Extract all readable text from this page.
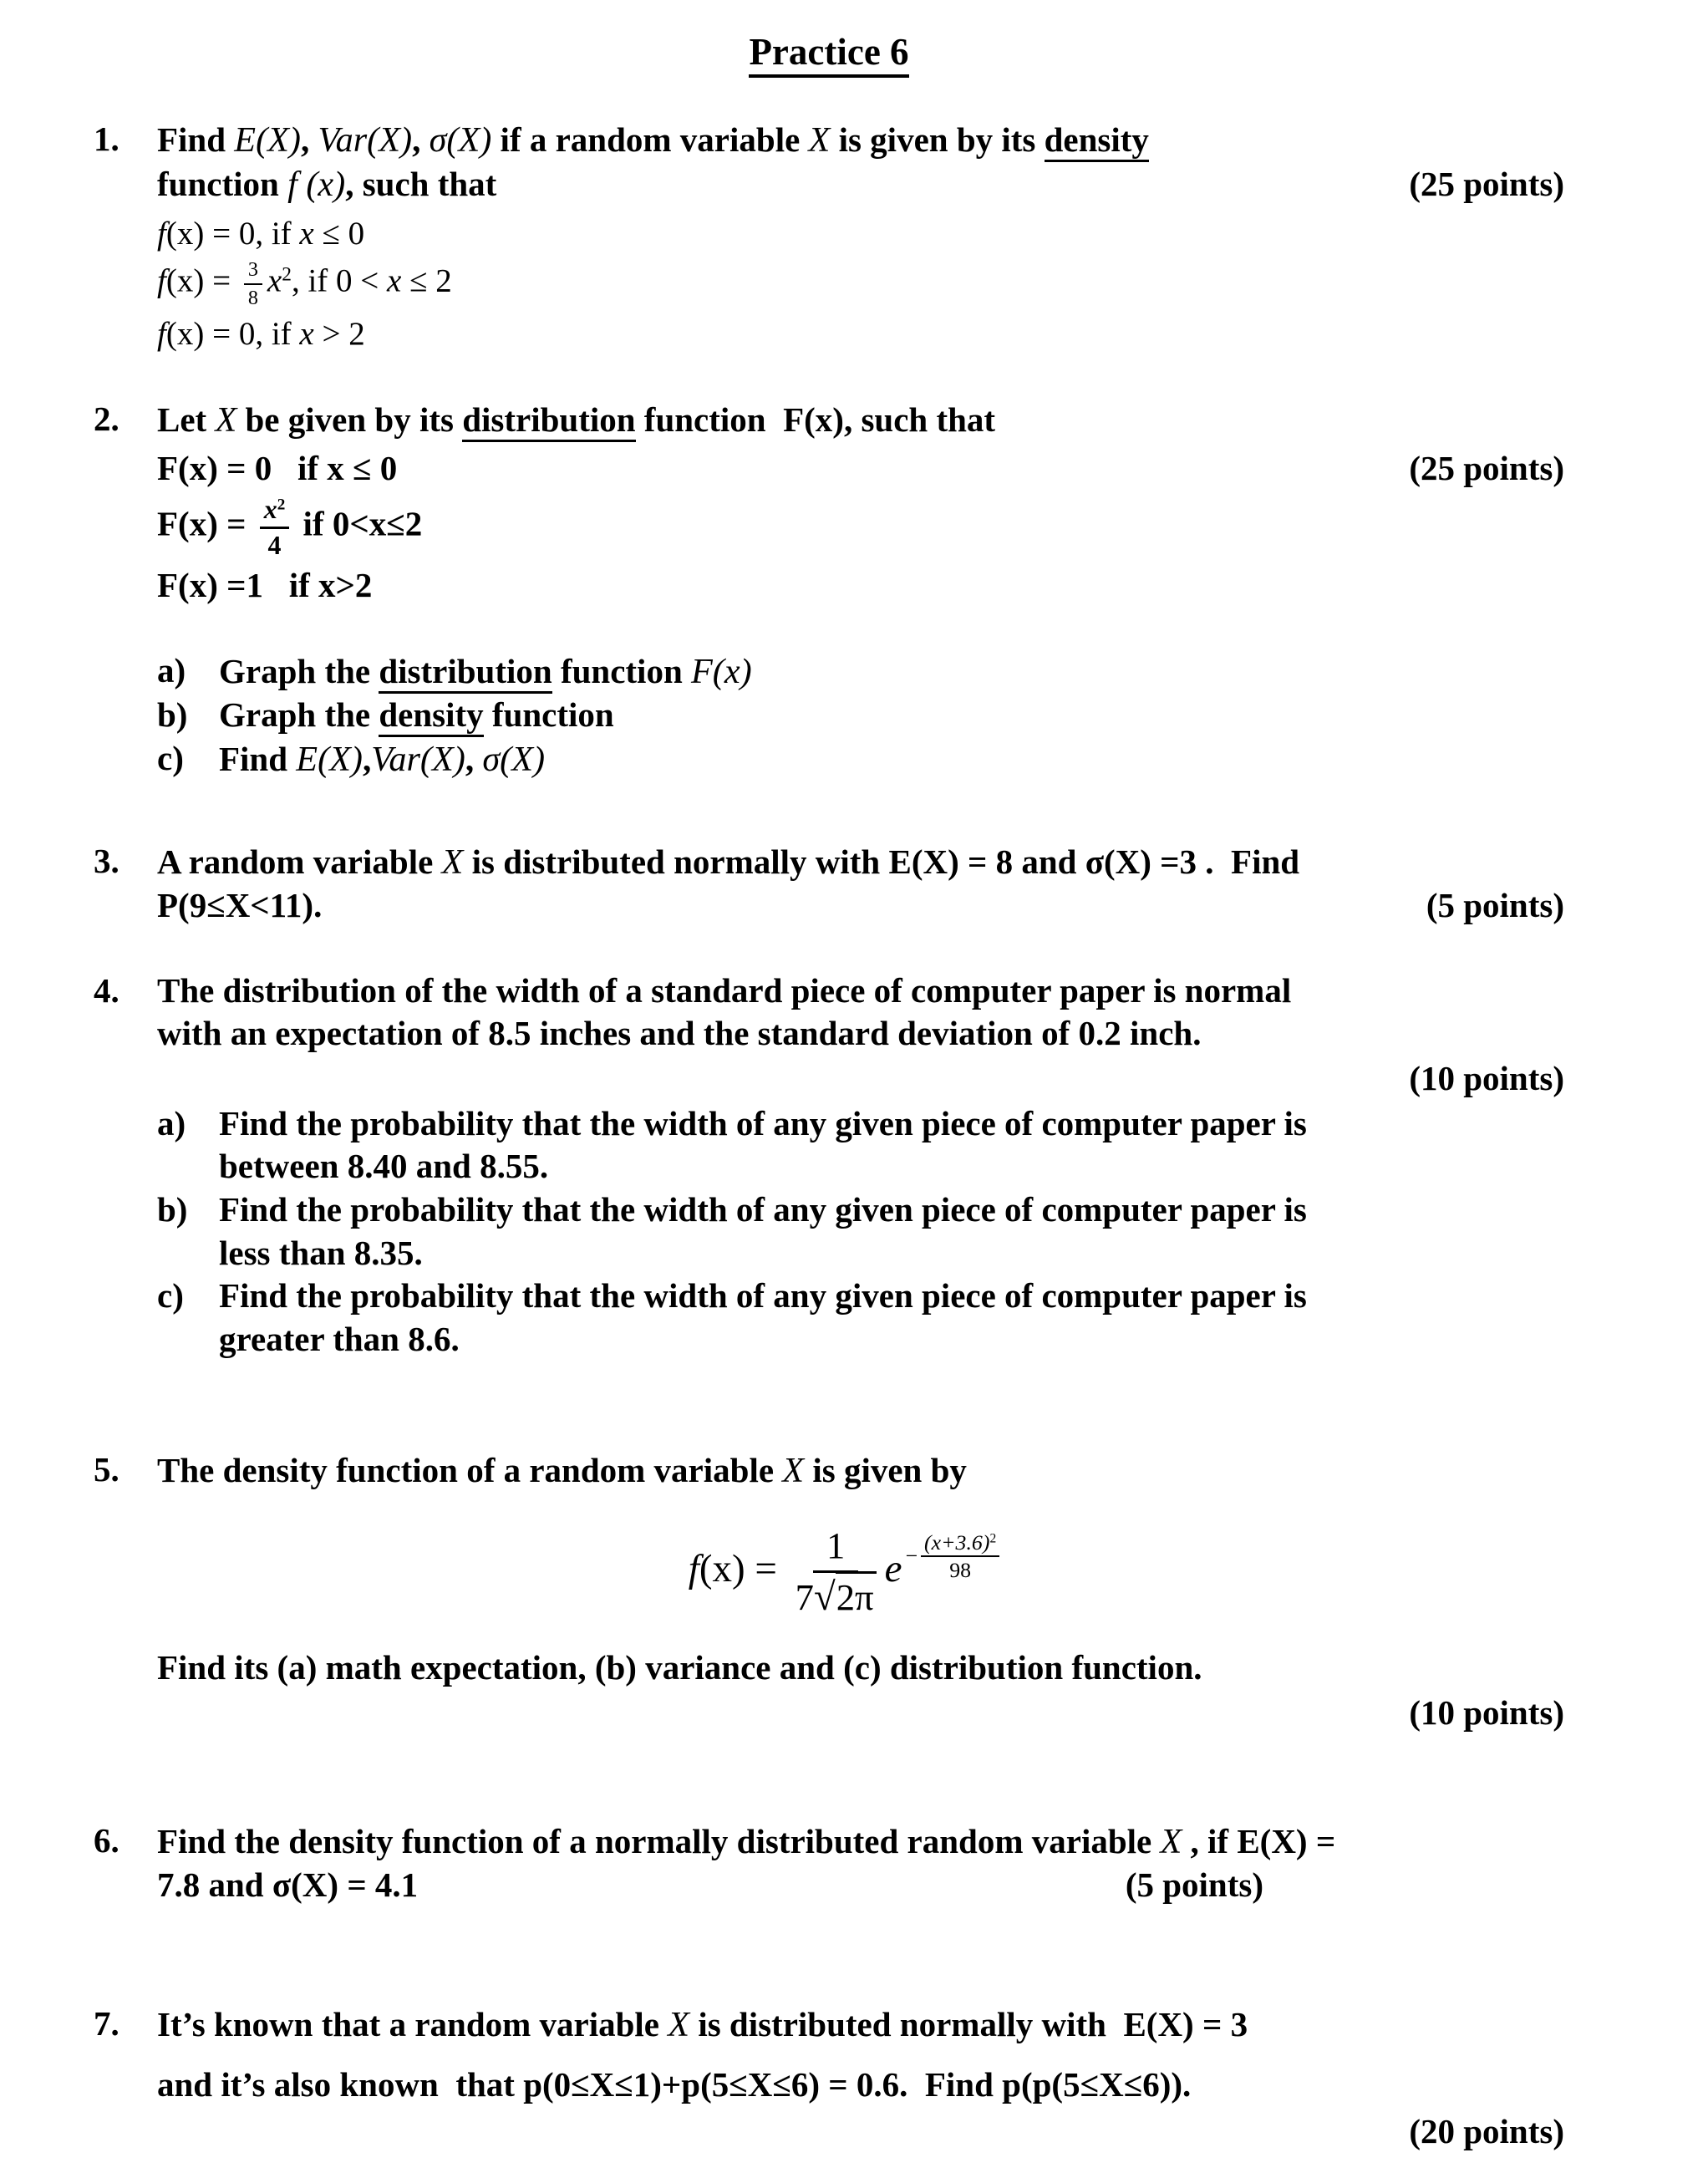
Practice 6
1.	Find E(X), Var(X), σ(X) if a random variable X is given by its density
function f (x), such that	(25 points)

f(x) = 0, if x ≤ 0
$f(x) = \frac{3}{8} x^2$, if 0 < x ≤ 2
f(x) = 0, if x > 2
2.	Let X be given by its distribution function  F(x), such that

F(x) = 0   if x ≤ 0	(25 points)
$F(x) = \frac{x^2}{4}$ if 0<x≤2
F(x) =1   if x>2
a) Graph the distribution function F(x)
b) Graph the density function
c)	Find E(X),Var(X), σ(X)
3.	A random variable X is distributed normally with E(X) = 8 and σ(X) =3 .  Find
P(9≤X<11).	(5 points)

4.	The distribution of the width of a standard piece of computer paper is normal
with an expectation of 8.5 inches and the standard deviation of 0.2 inch.

(10 points)
a) Find the probability that the width of any given piece of computer paper is
between 8.40 and 8.55.
b) Find the probability that the width of any given piece of computer paper is
less than 8.35.
c)	Find the probability that the width of any given piece of computer paper is
greater than 8.6.
5.	The density function of a random variable X is given by

$f(x) = \frac{1}{7√2\pi}$ $e - \frac{(x+3.6)^2}{98}$

Find its (a) math expectation, (b) variance and (c) distribution function.

(10 points)
6.	Find the density function of a normally distributed random variable X , if E(X) =
7.8 and σ(X) = 4.1	(5 points)

7.	It’s known that a random variable X is distributed normally with  E(X) = 3

and it’s also known  that p(0≤X≤1)+p(5≤X≤6) = 0.6.  Find p(p(5≤X≤6)).

(20 points)
